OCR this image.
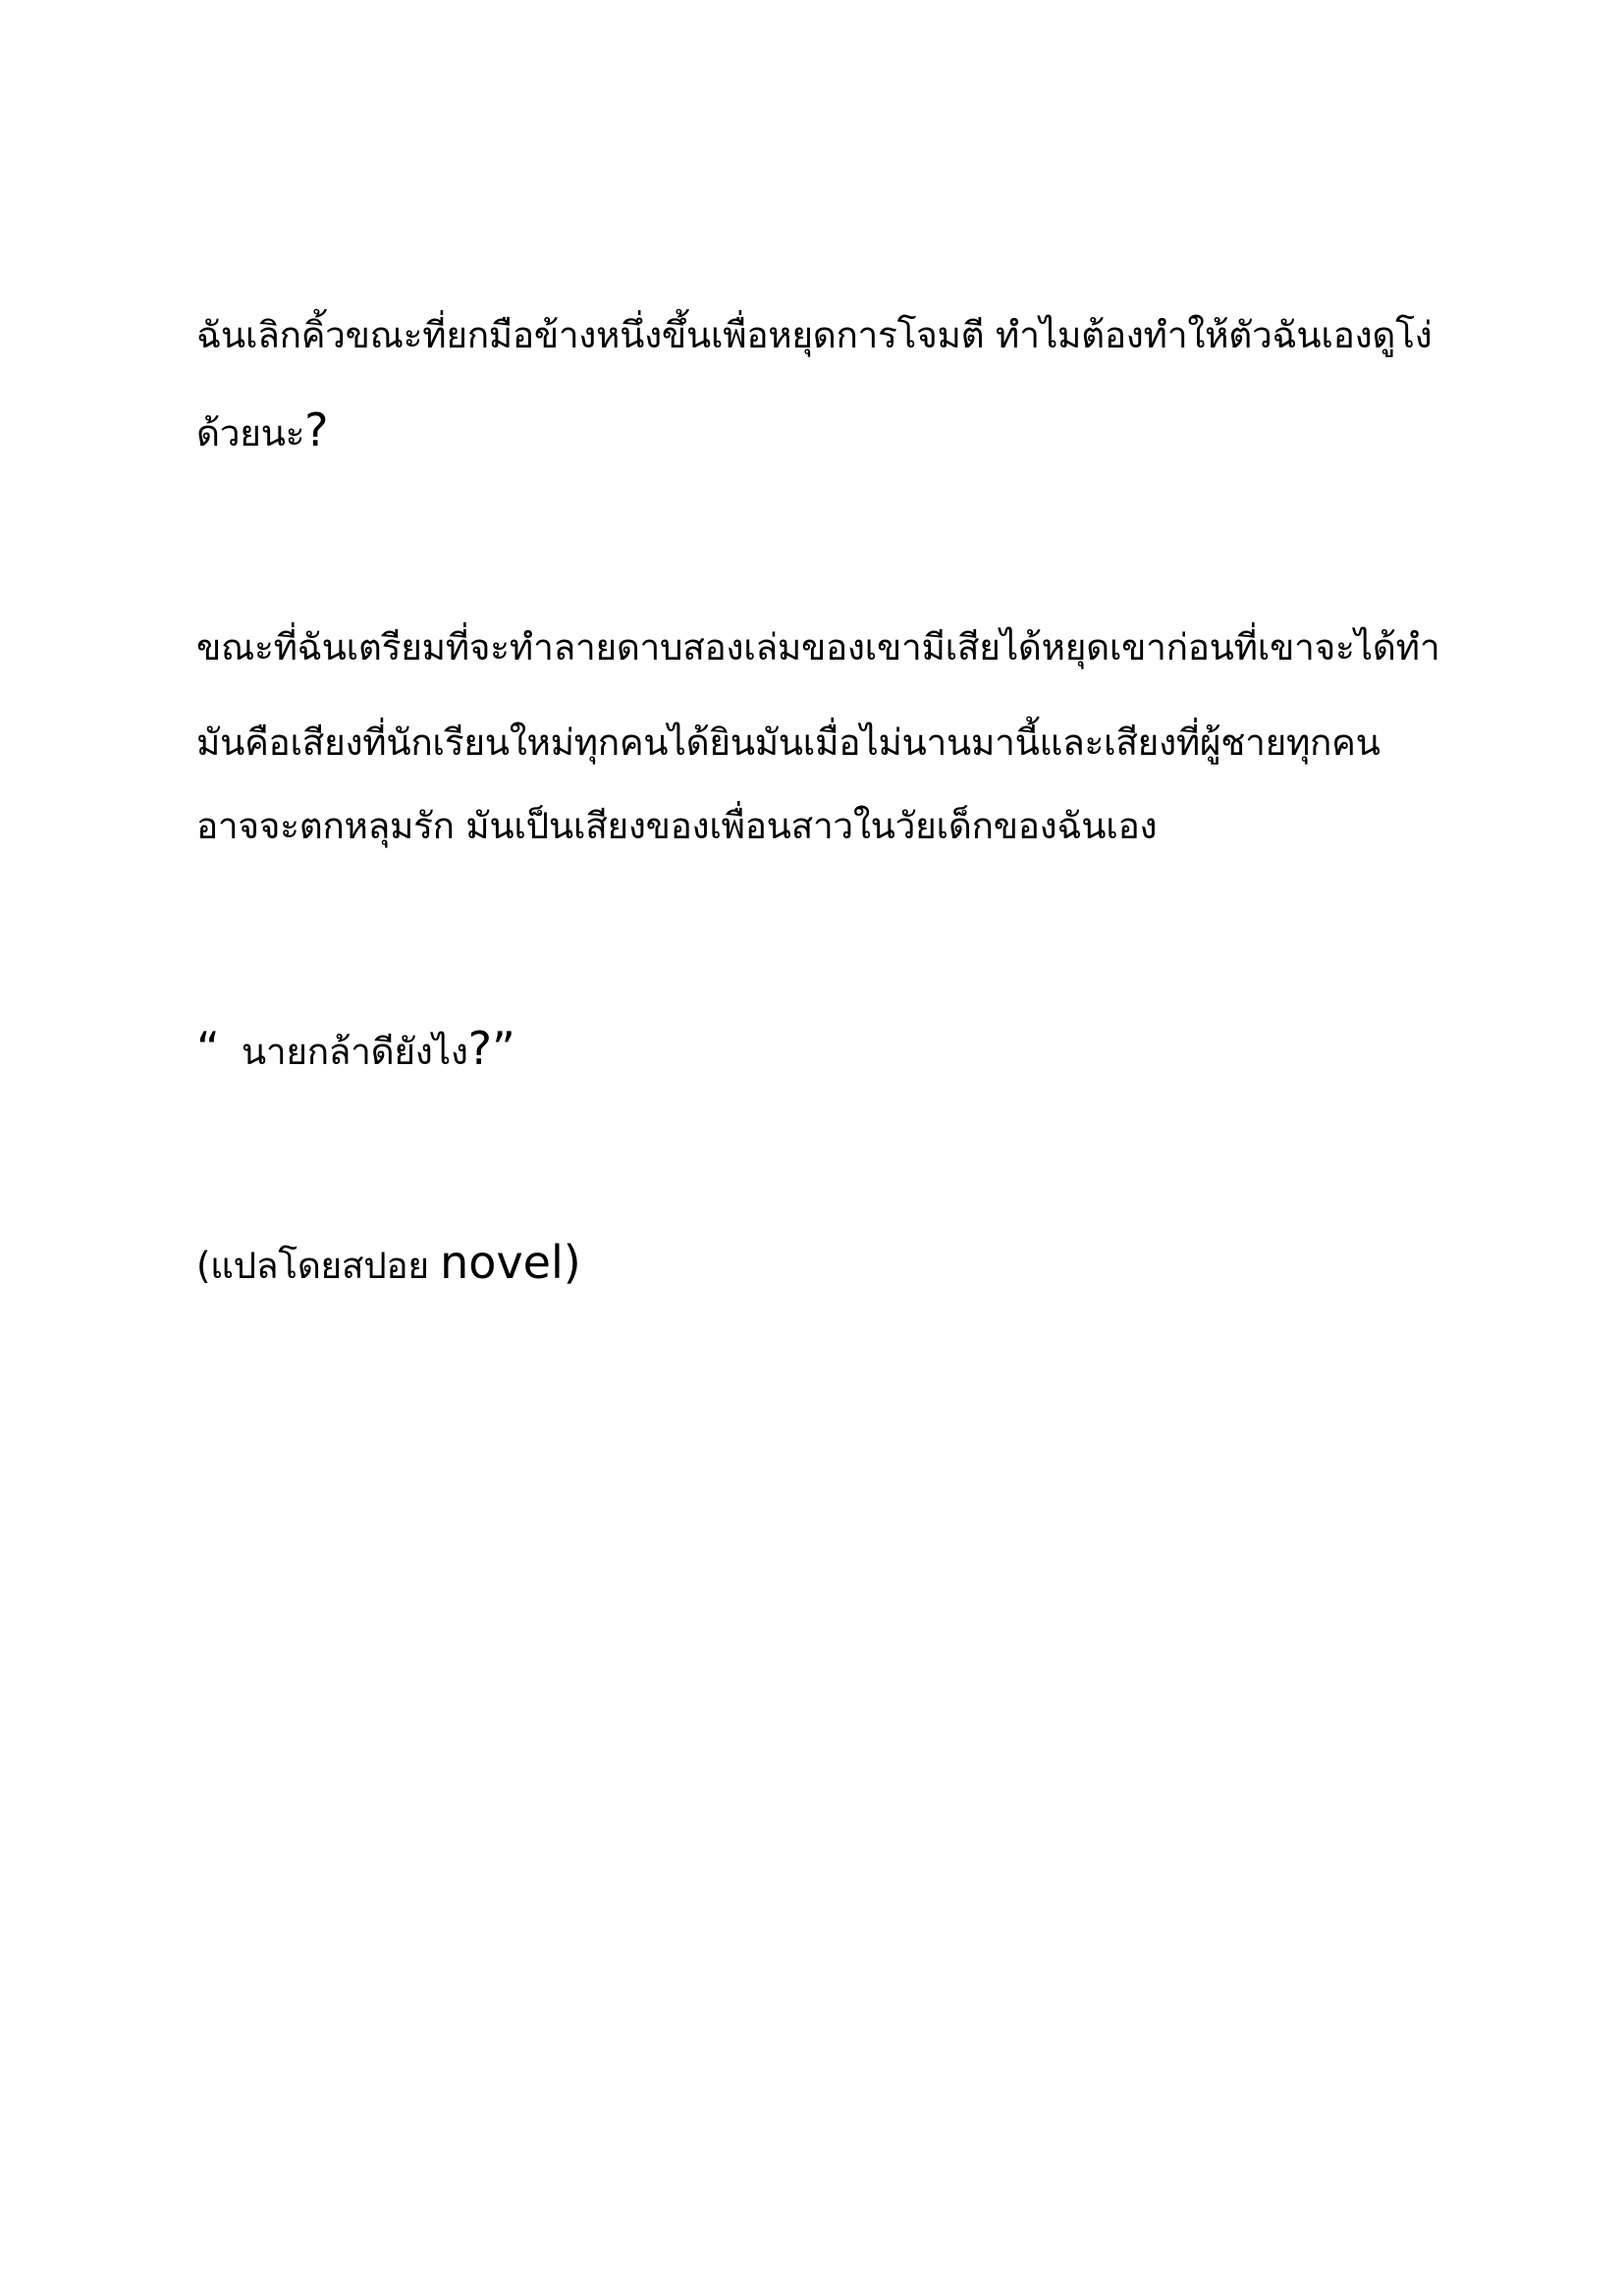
ฉันเลิกคิ้วขณะที่ยกมือข้างหนึ่งขึ้นเพื่อหยุดการโจมตี ทำไมต้องทำให้ตัวฉันเองดูโง่
ด้วยนะ?
ขณะที่ฉันเตรียมที่จะทำลายดาบสองเล่มของเขามีเสียได้หยุดเขาก่อนที่เขาจะได้ทำ
มันคือเสียงที่นักเรียนใหม่ทุกคนได้ยินมันเมื่อไม่นานมานี้และเสียงที่ผู้ชายทุกคน
อาจจะตกหลุมรัก มันเป็นเสียงของเพื่อนสาวในวัยเด็กของฉันเอง
“ นายกล้าดียังไง?”
(แปลโดยสปอย novel)
